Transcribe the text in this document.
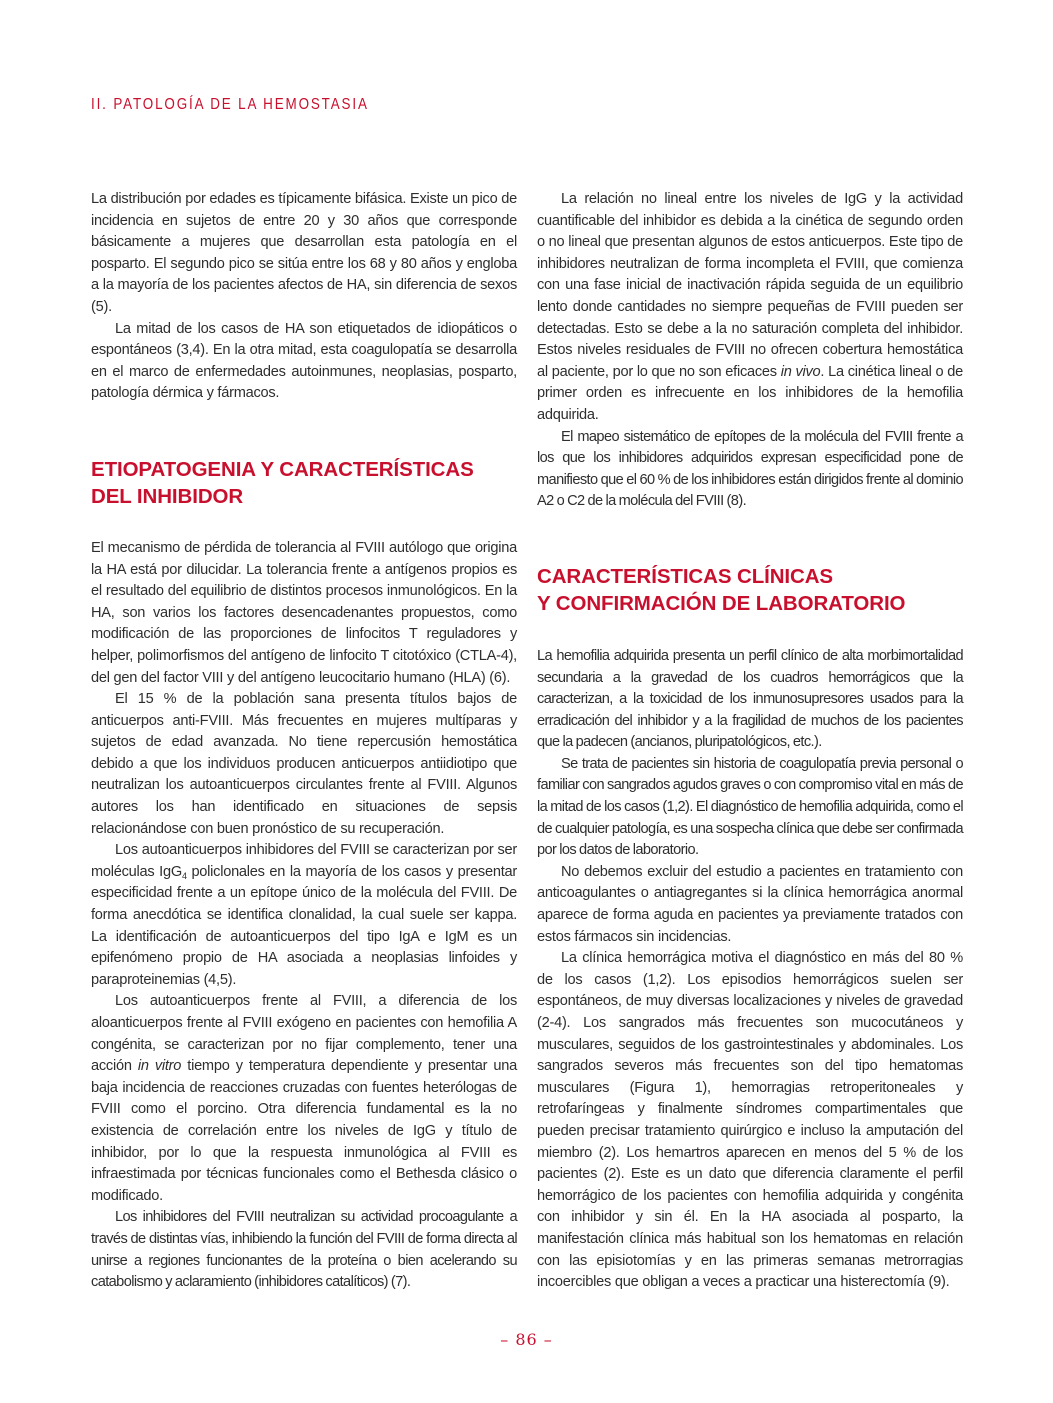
II. PATOLOGÍA DE LA HEMOSTASIA

La distribución por edades es típicamente bifásica. Existe un pico de incidencia en sujetos de entre 20 y 30 años que corresponde básicamente a mujeres que desarrollan esta patología en el posparto. El segundo pico se sitúa entre los 68 y 80 años y engloba a la mayoría de los pacientes afectos de HA, sin diferencia de sexos (5).

La mitad de los casos de HA son etiquetados de idiopáticos o espontáneos (3,4). En la otra mitad, esta coagulopatía se desarrolla en el marco de enfermedades autoinmunes, neoplasias, posparto, patología dérmica y fármacos.

ETIOPATOGENIA Y CARACTERÍSTICAS
DEL INHIBIDOR

El mecanismo de pérdida de tolerancia al FVIII autólogo que origina la HA está por dilucidar. La tolerancia frente a antígenos propios es el resultado del equilibrio de distintos procesos inmunológicos. En la HA, son varios los factores desencadenantes propuestos, como modificación de las proporciones de linfocitos T reguladores y helper, polimorfismos del antígeno de linfocito T citotóxico (CTLA-4), del gen del factor VIII y del antígeno leucocitario humano (HLA) (6).

El 15 % de la población sana presenta títulos bajos de anticuerpos anti-FVIII. Más frecuentes en mujeres multíparas y sujetos de edad avanzada. No tiene repercusión hemostática debido a que los individuos producen anticuerpos antiidiotipo que neutralizan los autoanticuerpos circulantes frente al FVIII. Algunos autores los han identificado en situaciones de sepsis relacionándose con buen pronóstico de su recuperación.

Los autoanticuerpos inhibidores del FVIII se caracterizan por ser moléculas IgG$_4$ policlonales en la mayoría de los casos y presentar especificidad frente a un epítope único de la molécula del FVIII. De forma anecdótica se identifica clonalidad, la cual suele ser kappa. La identificación de autoanticuerpos del tipo IgA e IgM es un epifenómeno propio de HA asociada a neoplasias linfoides y paraproteinemias (4,5).

Los autoanticuerpos frente al FVIII, a diferencia de los aloanticuerpos frente al FVIII exógeno en pacientes con hemofilia A congénita, se caracterizan por no fijar complemento, tener una acción in vitro tiempo y temperatura dependiente y presentar una baja incidencia de reacciones cruzadas con fuentes heterólogas de FVIII como el porcino. Otra diferencia fundamental es la no existencia de correlación entre los niveles de IgG y título de inhibidor, por lo que la respuesta inmunológica al FVIII es infraestimada por técnicas funcionales como el Bethesda clásico o modificado.

Los inhibidores del FVIII neutralizan su actividad procoagulante a través de distintas vías, inhibiendo la función del FVIII de forma directa al unirse a regiones funcionantes de la proteína o bien acelerando su catabolismo y aclaramiento (inhibidores catalíticos) (7).

La relación no lineal entre los niveles de IgG y la actividad cuantificable del inhibidor es debida a la cinética de segundo orden o no lineal que presentan algunos de estos anticuerpos. Este tipo de inhibidores neutralizan de forma incompleta el FVIII, que comienza con una fase inicial de inactivación rápida seguida de un equilibrio lento donde cantidades no siempre pequeñas de FVIII pueden ser detectadas. Esto se debe a la no saturación completa del inhibidor. Estos niveles residuales de FVIII no ofrecen cobertura hemostática al paciente, por lo que no son eficaces in vivo. La cinética lineal o de primer orden es infrecuente en los inhibidores de la hemofilia adquirida.

El mapeo sistemático de epítopes de la molécula del FVIII frente a los que los inhibidores adquiridos expresan especificidad pone de manifiesto que el 60 % de los inhibidores están dirigidos frente al dominio A2 o C2 de la molécula del FVIII (8).

CARACTERÍSTICAS CLÍNICAS
Y CONFIRMACIÓN DE LABORATORIO

La hemofilia adquirida presenta un perfil clínico de alta morbimortalidad secundaria a la gravedad de los cuadros hemorrágicos que la caracterizan, a la toxicidad de los inmunosupresores usados para la erradicación del inhibidor y a la fragilidad de muchos de los pacientes que la padecen (ancianos, pluripatológicos, etc.).

Se trata de pacientes sin historia de coagulopatía previa personal o familiar con sangrados agudos graves o con compromiso vital en más de la mitad de los casos (1,2). El diagnóstico de hemofilia adquirida, como el de cualquier patología, es una sospecha clínica que debe ser confirmada por los datos de laboratorio.

No debemos excluir del estudio a pacientes en tratamiento con anticoagulantes o antiagregantes si la clínica hemorrágica anormal aparece de forma aguda en pacientes ya previamente tratados con estos fármacos sin incidencias.

La clínica hemorrágica motiva el diagnóstico en más del 80 % de los casos (1,2). Los episodios hemorrágicos suelen ser espontáneos, de muy diversas localizaciones y niveles de gravedad (2-4). Los sangrados más frecuentes son mucocutáneos y musculares, seguidos de los gastrointestinales y abdominales. Los sangrados severos más frecuentes son del tipo hematomas musculares (Figura 1), hemorragias retroperitoneales y retrofaríngeas y finalmente síndromes compartimentales que pueden precisar tratamiento quirúrgico e incluso la amputación del miembro (2). Los hemartros aparecen en menos del 5 % de los pacientes (2). Este es un dato que diferencia claramente el perfil hemorrágico de los pacientes con hemofilia adquirida y congénita con inhibidor y sin él. En la HA asociada al posparto, la manifestación clínica más habitual son los hematomas en relación con las episiotomías y en las primeras semanas metrorragias incoercibles que obligan a veces a practicar una histerectomía (9).

– 86 –
